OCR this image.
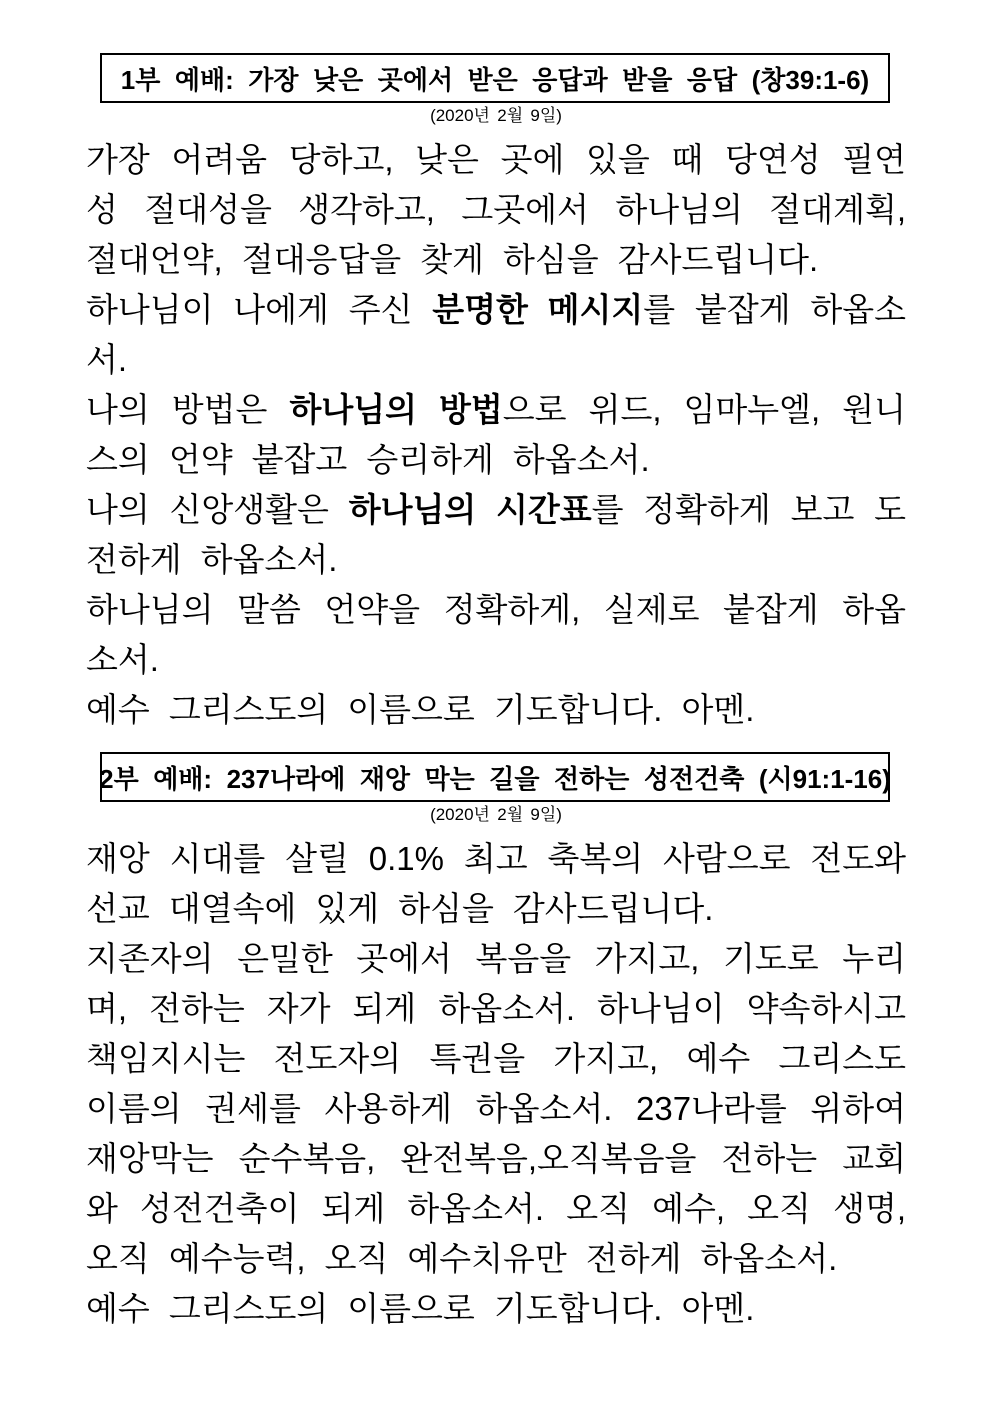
1부 예배: 가장 낮은 곳에서 받은 응답과 받을 응답 (창39:1-6)
(2020년 2월 9일)

가장 어려움 당하고, 낮은 곳에 있을 때 당연성 필연성 절대성을 생각하고, 그곳에서 하나님의 절대계획, 절대언약, 절대응답을 찾게 하심을 감사드립니다.

하나님이 나에게 주신 분명한 메시지를 붙잡게 하옵소서.

나의 방법은 하나님의 방법으로 위드, 임마누엘, 원니스의 언약 붙잡고 승리하게 하옵소서.

나의 신앙생활은 하나님의 시간표를 정확하게 보고 도전하게 하옵소서.

하나님의 말씀 언약을 정확하게, 실제로 붙잡게 하옵소서.

예수 그리스도의 이름으로 기도합니다. 아멘.

2부 예배: 237나라에 재앙 막는 길을 전하는 성전건축 (시91:1-16)
(2020년 2월 9일)

재앙 시대를 살릴 0.1% 최고 축복의 사람으로 전도와 선교 대열속에 있게 하심을 감사드립니다.

지존자의 은밀한 곳에서 복음을 가지고, 기도로 누리며, 전하는 자가 되게 하옵소서. 하나님이 약속하시고 책임지시는 전도자의 특권을 가지고, 예수 그리스도 이름의 권세를 사용하게 하옵소서. 237나라를 위하여 재앙막는 순수복음, 완전복음,오직복음을 전하는 교회와 성전건축이 되게 하옵소서. 오직 예수, 오직 생명, 오직 예수능력, 오직 예수치유만 전하게 하옵소서.

예수 그리스도의 이름으로 기도합니다. 아멘.
